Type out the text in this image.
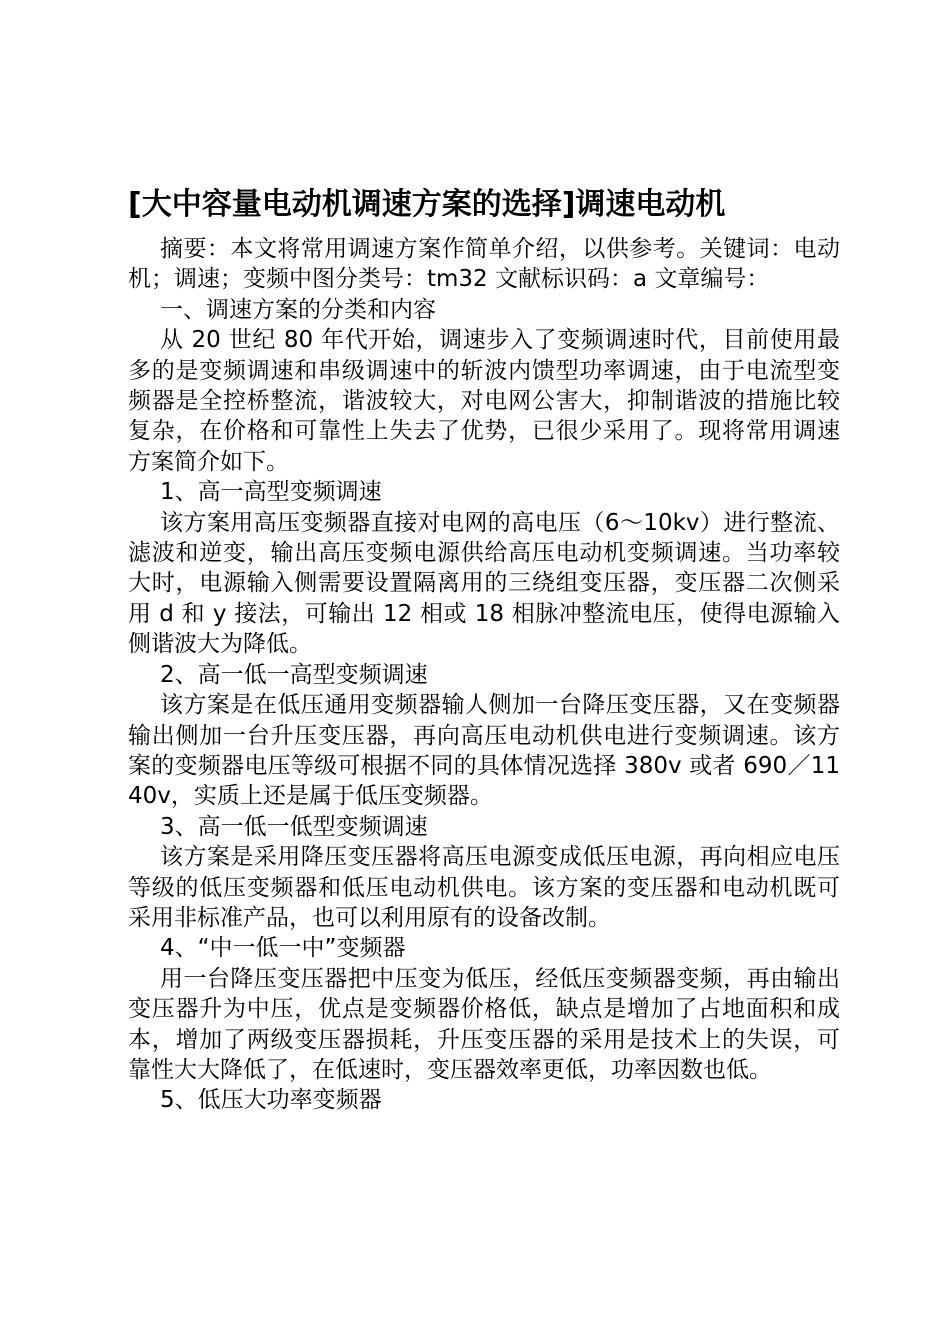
[大中容量电动机调速方案的选择]调速电动机

摘要：本文将常用调速方案作简单介绍，以供参考。关键词：电动机；调速；变频中图分类号：tm32 文献标识码：a 文章编号：

一、调速方案的分类和内容

从 20 世纪 80 年代开始，调速步入了变频调速时代，目前使用最多的是变频调速和串级调速中的斩波内馈型功率调速，由于电流型变频器是全控桥整流，谐波较大，对电网公害大，抑制谐波的措施比较复杂，在价格和可靠性上失去了优势，已很少采用了。现将常用调速方案简介如下。

1、高一高型变频调速

该方案用高压变频器直接对电网的高电压（6～10kv）进行整流、滤波和逆变，输出高压变频电源供给高压电动机变频调速。当功率较大时，电源输入侧需要设置隔离用的三绕组变压器，变压器二次侧采用 d 和 y 接法，可输出 12 相或 18 相脉冲整流电压，使得电源输入侧谐波大为降低。

2、高一低一高型变频调速

该方案是在低压通用变频器输人侧加一台降压变压器，又在变频器输出侧加一台升压变压器，再向高压电动机供电进行变频调速。该方案的变频器电压等级可根据不同的具体情况选择 380v 或者 690／1140v，实质上还是属于低压变频器。

3、高一低一低型变频调速

该方案是采用降压变压器将高压电源变成低压电源，再向相应电压等级的低压变频器和低压电动机供电。该方案的变压器和电动机既可采用非标准产品，也可以利用原有的设备改制。

4、“中一低一中”变频器

用一台降压变压器把中压变为低压，经低压变频器变频，再由输出变压器升为中压，优点是变频器价格低，缺点是增加了占地面积和成本，增加了两级变压器损耗，升压变压器的采用是技术上的失误，可靠性大大降低了，在低速时，变压器效率更低，功率因数也低。

5、低压大功率变频器
